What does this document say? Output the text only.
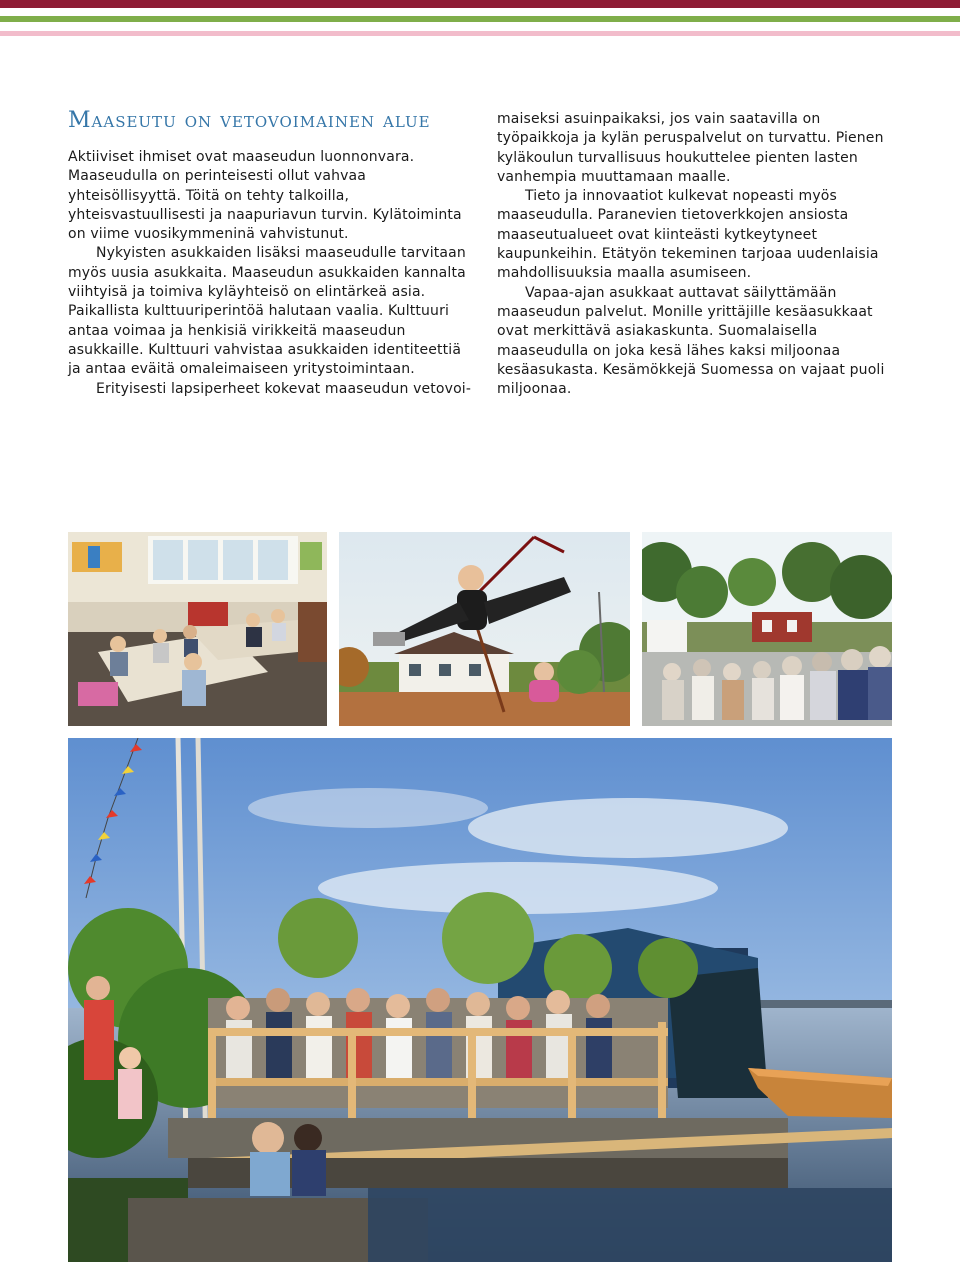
Maaseutu on vetovoimainen alue

Aktiiviset ihmiset ovat maaseudun luonnonvara. Maaseudulla on perinteisesti ollut vahvaa yhteisöllisyyttä. Töitä on tehty talkoilla, yhteisvastuullisesti ja naapuriavun turvin. Kylätoiminta on viime vuosikymmeninä vahvistunut.

Nykyisten asukkaiden lisäksi maaseudulle tarvitaan myös uusia asukkaita. Maaseudun asukkaiden kannalta viihtyisä ja toimiva kyläyhteisö on elintärkeä asia. Paikallista kulttuuriperintöä halutaan vaalia. Kulttuuri antaa voimaa ja henkisiä virikkeitä maaseudun asukkaille. Kulttuuri vahvistaa asukkaiden identiteettiä ja antaa eväitä omaleimaiseen yritystoimintaan.

Erityisesti lapsiperheet kokevat maaseudun vetovoi-

maiseksi asuinpaikaksi, jos vain saatavilla on työpaikkoja ja kylän peruspalvelut on turvattu. Pienen kyläkoulun turvallisuus houkuttelee pienten lasten vanhempia muuttamaan maalle.

Tieto ja innovaatiot kulkevat nopeasti myös maaseudulla. Paranevien tietoverkkojen ansiosta maaseutualueet ovat kiinteästi kytkeytyneet kaupunkeihin. Etätyön tekeminen tarjoaa uudenlaisia mahdollisuuksia maalla asumiseen.

Vapaa-ajan asukkaat auttavat säilyttämään maaseudun palvelut. Monille yrittäjille kesäasukkaat ovat merkittävä asiakaskunta. Suomalaisella maaseudulla on joka kesä lähes kaksi miljoonaa kesäasukasta. Kesämökkejä Suomessa on vajaat puoli miljoonaa.
